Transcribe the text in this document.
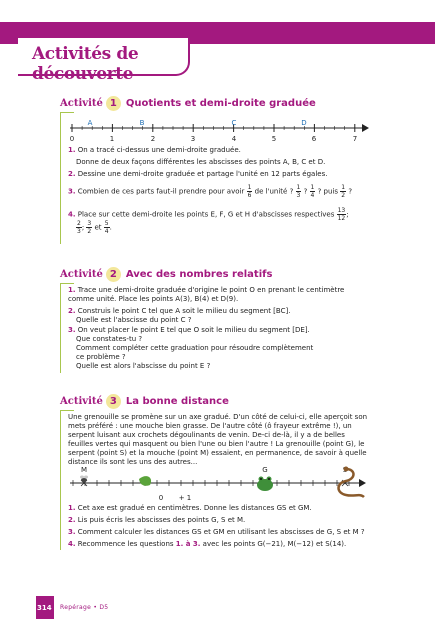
Activités de découverte
Activité 1 Quotients et demi-droite graduée
A	B	C	D
0	1	2	3	4	5	6	7
1. On a tracé ci-dessus une demi-droite graduée.
Donne de deux façons différentes les abscisses des points A, B, C et D.
2. Dessine une demi-droite graduée et partage l'unité en 12 parts égales.
3. Combien de ces parts faut-il prendre pour avoir $\frac{1}{6}$ de l'unité ? $\frac{1}{3}$ ? $\frac{1}{4}$ ? puis $\frac{1}{2}$ ?
4. Place sur cette demi-droite les points E, F, G et H d'abscisses respectives $\frac{13}{12}$ ;
$\frac{2}{3}$ ; $\frac{3}{2}$ et $\frac{5}{4}$ .
Activité 2 Avec des nombres relatifs
1. Trace une demi-droite graduée d'origine le point O en prenant le centimètre comme unité. Place les points A(3), B(4) et D(9).
2. Construis le point C tel que A soit le milieu du segment [BC].
Quelle est l'abscisse du point C ?
3. On veut placer le point E tel que O soit le milieu du segment [DE].
Que constates-tu ?
Comment compléter cette graduation pour résoudre complètement
ce problème ?
Quelle est alors l'abscisse du point E ?
Activité 3 La bonne distance
Une grenouille se promène sur un axe gradué. D'un côté de celui-ci, elle aperçoit son mets préféré : une mouche bien grasse. De l'autre côté (ô frayeur extrême !), un serpent luisant aux crochets dégoulinants de venin. De-ci de-là, il y a de belles feuilles vertes qui masquent ou bien l'une ou bien l'autre ! La grenouille (point G), le serpent (point S) et la mouche (point M) essaient, en permanence, de savoir à quelle distance ils sont les uns des autres...
M	G
0 + 1
1. Cet axe est gradué en centimètres. Donne les distances GS et GM.
2. Lis puis écris les abscisses des points G, S et M.
3. Comment calculer les distances GS et GM en utilisant les abscisses de G, S et M ?
4. Recommence les questions 1. à 3. avec les points G(−21), M(−12) et S(14).
314 Repérage • D5
